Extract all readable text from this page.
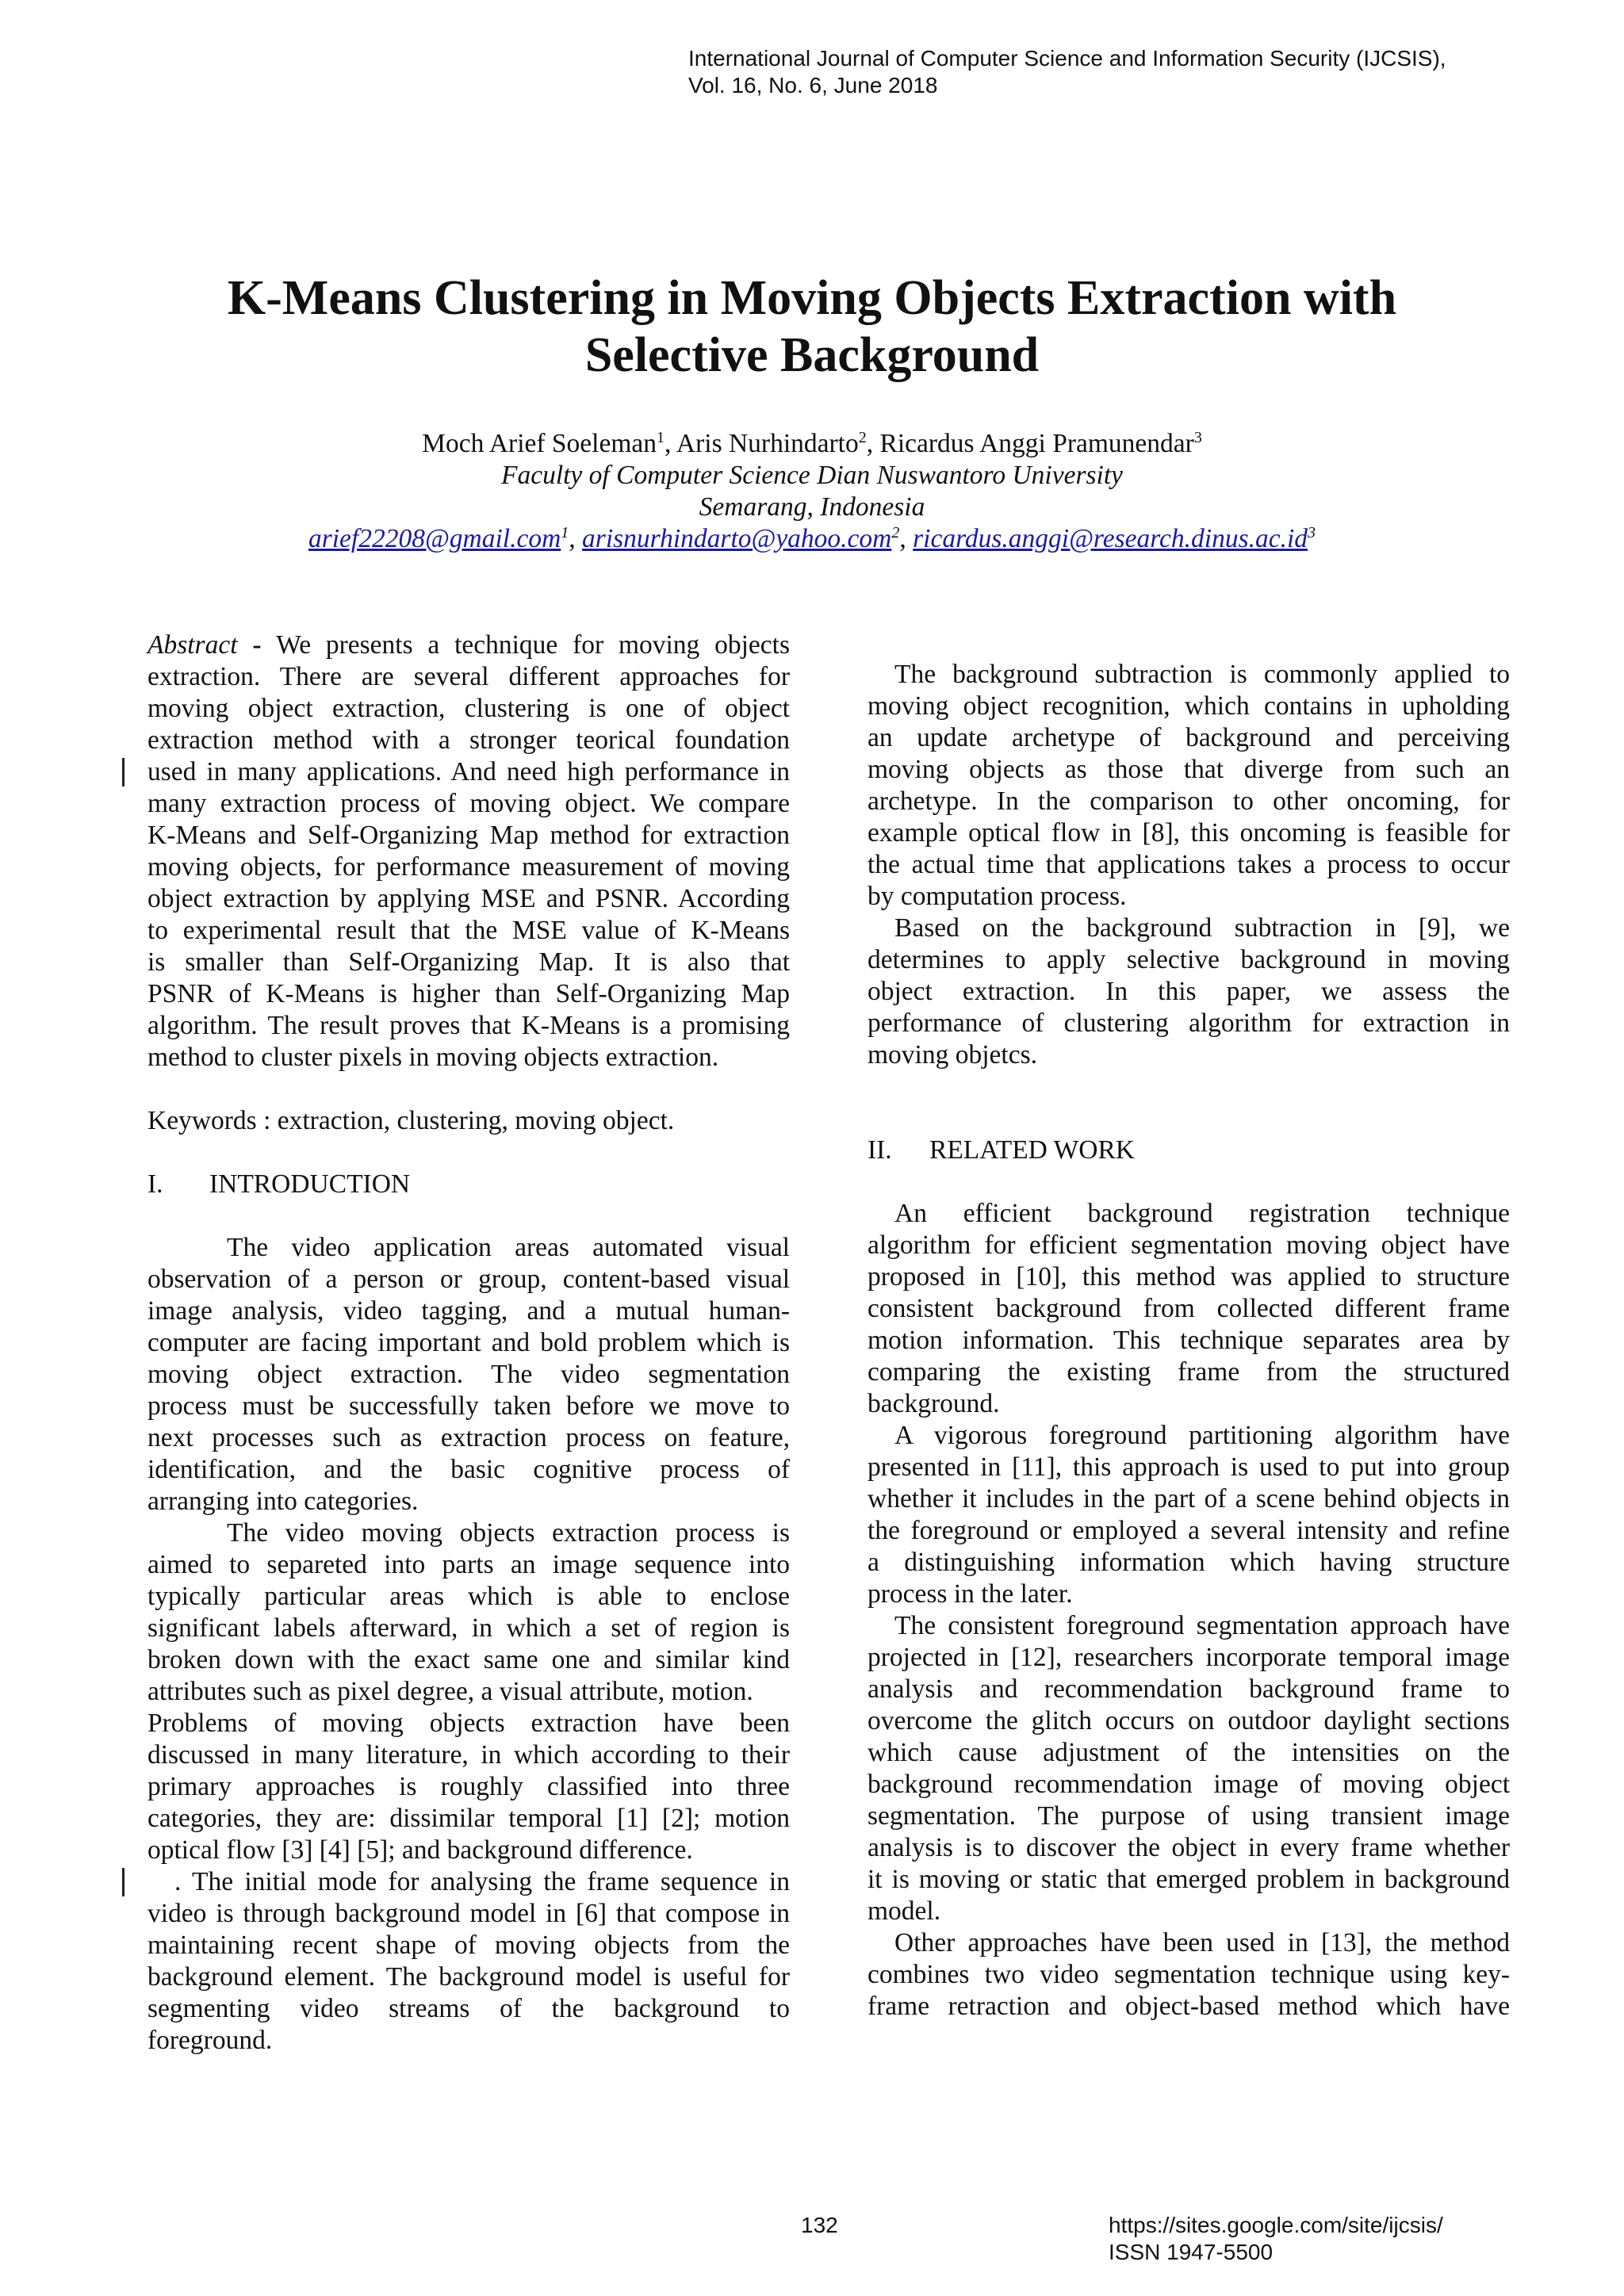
International Journal of Computer Science and Information Security (IJCSIS),
Vol. 16, No. 6, June 2018
K-Means Clustering in Moving Objects Extraction with
Selective Background
Moch Arief Soeleman$^1$, Aris Nurhindarto$^2$, Ricardus Anggi Pramunendar$^3$
Faculty of Computer Science Dian Nuswantoro University
Semarang, Indonesia
arief22208@gmail.com$^1$, arisnurhindarto@yahoo.com$^2$, $ricardus.anggi@research.dinus.ac.id^3$
Abstract - We presents a technique for moving objects
extraction. There are several different approaches for
moving object extraction, clustering is one of object
extraction method with a stronger teorical foundation
used in many applications. And need high performance in
many extraction process of moving object. We compare
K-Means and Self-Organizing Map method for extraction
moving objects, for performance measurement of moving
object extraction by applying MSE and PSNR. According
to experimental result that the MSE value of K-Means
is smaller than Self-Organizing Map. It is also that
PSNR of K-Means is higher than Self-Organizing Map
algorithm. The result proves that K-Means is a promising
method to cluster pixels in moving objects extraction.
Keywords : extraction, clustering, moving object.
I. INTRODUCTION
The video application areas automated visual
observation of a person or group, content-based visual
image analysis, video tagging, and a mutual human-
computer are facing important and bold problem which is
moving object extraction. The video segmentation
process must be successfully taken before we move to
next processes such as extraction process on feature,
identification, and the basic cognitive process of
arranging into categories.
The video moving objects extraction process is
aimed to separeted into parts an image sequence into
typically particular areas which is able to enclose
significant labels afterward, in which a set of region is
broken down with the exact same one and similar kind
attributes such as pixel degree, a visual attribute, motion.
Problems of moving objects extraction have been
discussed in many literature, in which according to their
primary approaches is roughly classified into three
categories, they are: dissimilar temporal [1] [2]; motion
optical flow [3] [4] [5]; and background difference.
. The initial mode for analysing the frame sequence in
video is through background model in [6] that compose in
maintaining recent shape of moving objects from the
background element. The background model is useful for
segmenting video streams of the background to
foreground.
The background subtraction is commonly applied to
moving object recognition, which contains in upholding
an update archetype of background and perceiving
moving objects as those that diverge from such an
archetype. In the comparison to other oncoming, for
example optical flow in [8], this oncoming is feasible for
the actual time that applications takes a process to occur
by computation process.
Based on the background subtraction in [9], we
determines to apply selective background in moving
object extraction. In this paper, we assess the
performance of clustering algorithm for extraction in
moving objetcs.
II. RELATED WORK
An efficient background registration technique
algorithm for efficient segmentation moving object have
proposed in [10], this method was applied to structure
consistent background from collected different frame
motion information. This technique separates area by
comparing the existing frame from the structured
background.
A vigorous foreground partitioning algorithm have
presented in [11], this approach is used to put into group
whether it includes in the part of a scene behind objects in
the foreground or employed a several intensity and refine
a distinguishing information which having structure
process in the later.
The consistent foreground segmentation approach have
projected in [12], researchers incorporate temporal image
analysis and recommendation background frame to
overcome the glitch occurs on outdoor daylight sections
which cause adjustment of the intensities on the
background recommendation image of moving object
segmentation. The purpose of using transient image
analysis is to discover the object in every frame whether
it is moving or static that emerged problem in background
model.
Other approaches have been used in [13], the method
combines two video segmentation technique using key-
frame retraction and object-based method which have
132	https://sites.google.com/site/ijcsis/
ISSN 1947-5500
